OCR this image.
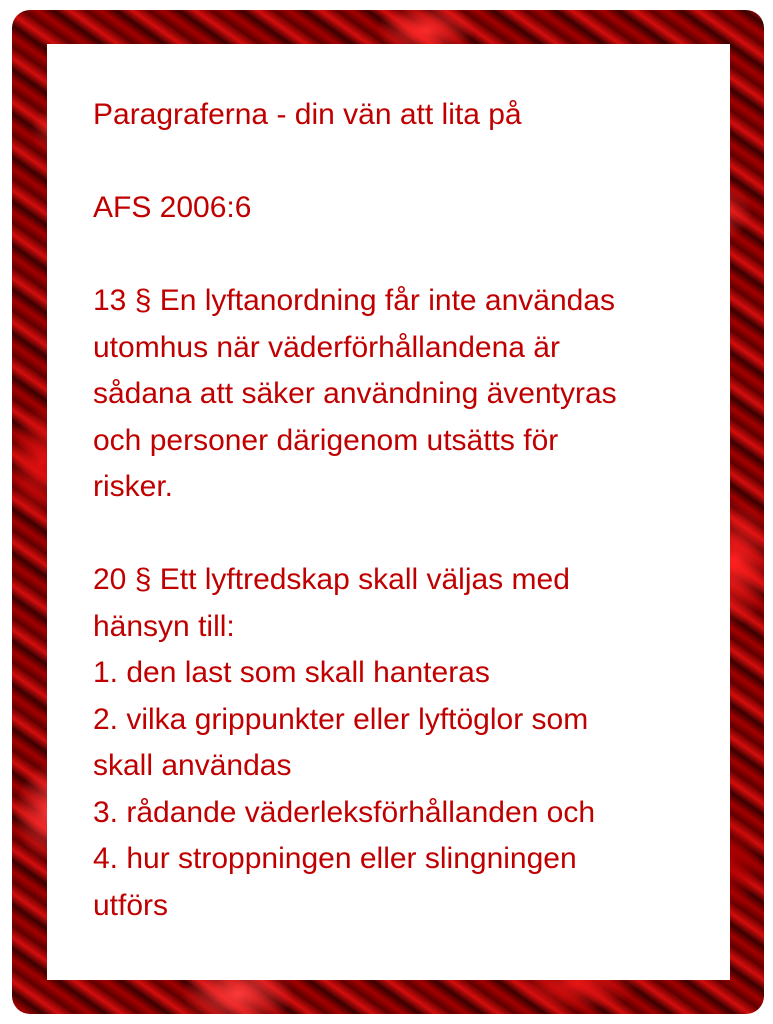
Paragraferna - din vän att lita på
AFS 2006:6
13 § En lyftanordning får inte användas
utomhus när väderförhållandena är
sådana att säker användning äventyras
och personer därigenom utsätts för
risker.
20 § Ett lyftredskap skall väljas med
hänsyn till:
1. den last som skall hanteras
2. vilka grippunkter eller lyftöglor som
skall användas
3. rådande väderleksförhållanden och
4. hur stroppningen eller slingningen
utförs
